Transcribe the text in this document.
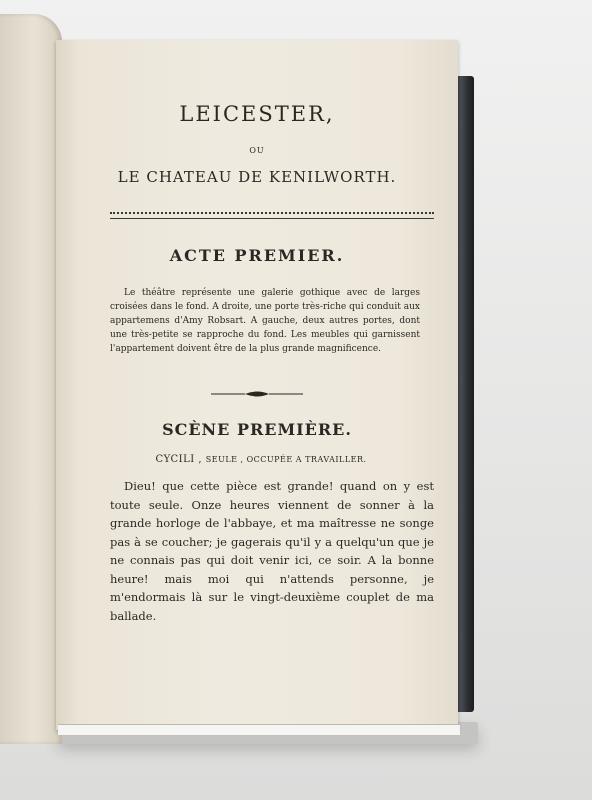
LEICESTER,
OU
LE CHATEAU DE KENILWORTH.
ACTE PREMIER.
Le théâtre représente une galerie gothique avec de larges croisées dans le fond. A droite, une porte très-riche qui conduit aux appartemens d'Amy Robsart. A gauche, deux autres portes, dont une très-petite se rapproche du fond. Les meubles qui garnissent l'appartement doivent être de la plus grande magnificence.
SCÈNE PREMIÈRE.
CYCILI , SEULE , OCCUPÉE A TRAVAILLER.
Dieu! que cette pièce est grande! quand on y est toute seule. Onze heures viennent de sonner à la grande horloge de l'abbaye, et ma maîtresse ne songe pas à se coucher; je gagerais qu'il y a quelqu'un que je ne connais pas qui doit venir ici, ce soir. A la bonne heure! mais moi qui n'attends personne, je m'endormais là sur le vingt-deuxième couplet de ma ballade.
